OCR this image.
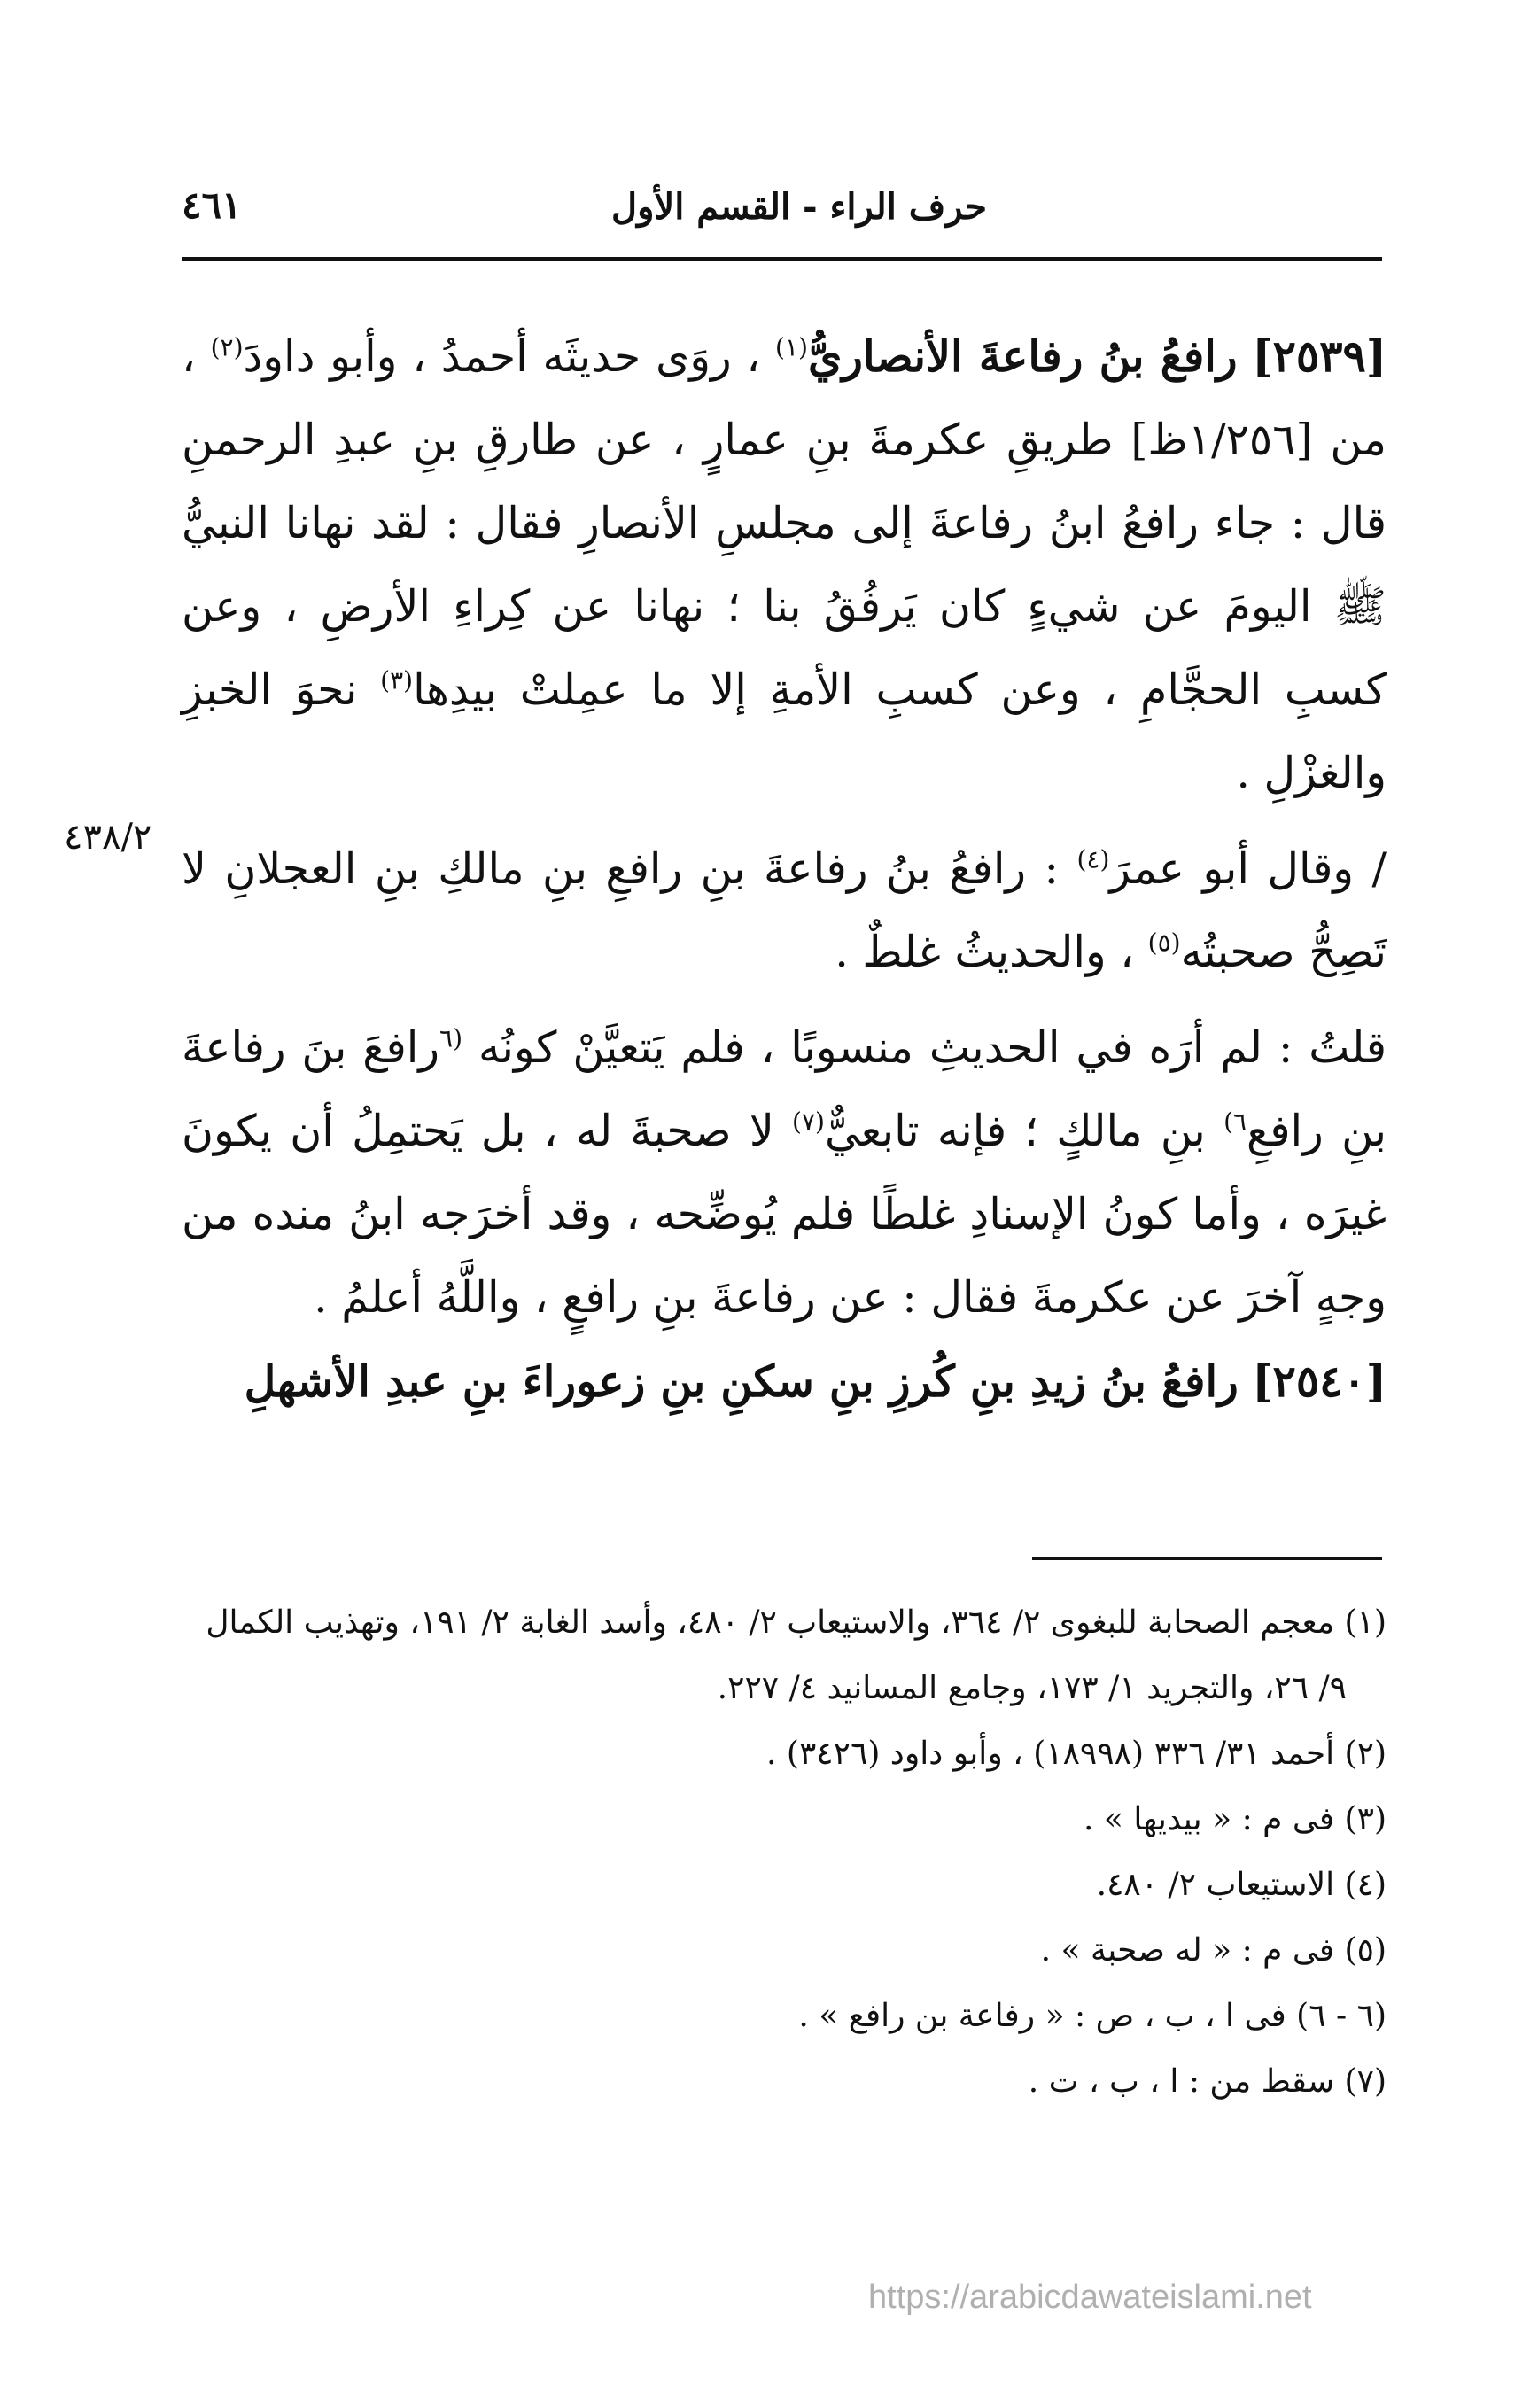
حرف الراء - القسم الأول
٤٦١

[٢٥٣٩] رافعُ بنُ رفاعةَ الأنصاريُّ$^{(١)}$ ، روَى حديثَه أحمدُ ، وأبو داودَ$^{(٢)}$ ، من [١/٢٥٦ظ] طريقِ عكرمةَ بنِ عمارٍ ، عن طارقِ بنِ عبدِ الرحمنِ قال : جاء رافعُ ابنُ رفاعةَ إلى مجلسِ الأنصارِ فقال : لقد نهانا النبيُّ ﷺ اليومَ عن شيءٍ كان يَرفُقُ بنا ؛ نهانا عن كِراءِ الأرضِ ، وعن كسبِ الحجَّامِ ، وعن كسبِ الأمةِ إلا ما عمِلتْ بيدِها$^{(٣)}$ نحوَ الخبزِ والغزْلِ .

/ وقال أبو عمرَ$^{(٤)}$ : رافعُ بنُ رفاعةَ بنِ رافعِ بنِ مالكِ بنِ العجلانِ لا تَصِحُّ صحبتُه$^{(٥)}$ ، والحديثُ غلطٌ .

قلتُ : لم أرَه في الحديثِ منسوبًا ، فلم يَتعيَّنْ كونُه $^{(٦}$رافعَ بنَ رفاعةَ بنِ رافعِ$^{٦)}$ بنِ مالكٍ ؛ فإنه تابعيٌّ$^{(٧)}$ لا صحبةَ له ، بل يَحتمِلُ أن يكونَ غيرَه ، وأما كونُ الإسنادِ غلطًا فلم يُوضِّحه ، وقد أخرَجه ابنُ منده من وجهٍ آخرَ عن عكرمةَ فقال : عن رفاعةَ بنِ رافعٍ ، واللَّهُ أعلمُ .

[٢٥٤٠] رافعُ بنُ زيدِ بنِ كُرزِ بنِ سكنِ بنِ زعوراءَ بنِ عبدِ الأشهلِ

٤٣٨/٢

(١) معجم الصحابة للبغوى ٢/ ٣٦٤، والاستيعاب ٢/ ٤٨٠، وأسد الغابة ٢/ ١٩١، وتهذيب الكمال

٩/ ٢٦، والتجريد ١/ ١٧٣، وجامع المسانيد ٤/ ٢٢٧.

(٢) أحمد ٣١/ ٣٣٦ (١٨٩٩٨) ، وأبو داود (٣٤٢٦) .

(٣) فى م : « بيديها » .

(٤) الاستيعاب ٢/ ٤٨٠.

(٥) فى م : « له صحبة » .

(٦ - ٦) فى ا ، ب ، ص : « رفاعة بن رافع » .

(٧) سقط من : ا ، ب ، ت .

https://arabicdawateislami.net
